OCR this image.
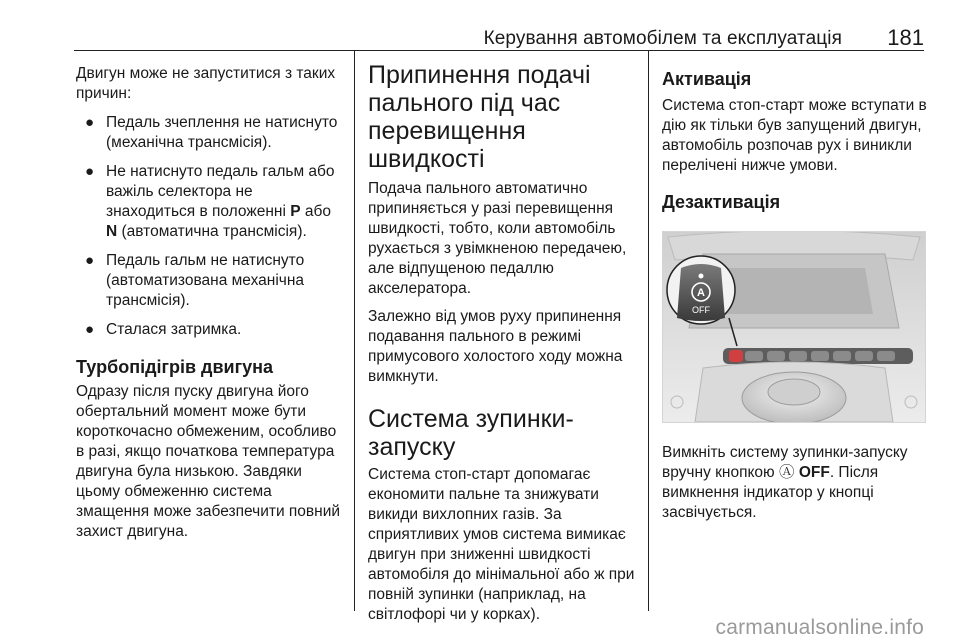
Керування автомобілем та експлуатація 181

Двигун може не запуститися з таких причин:

● Педаль зчеплення не натиснуто (механічна трансмісія).
● Не натиснуто педаль гальм або важіль селектора не знаходиться в положенні P або
N (автоматична трансмісія).
● Педаль гальм не натиснуто (автоматизована механічна трансмісія).
● Сталася затримка.
Турбопідігрів двигуна

Одразу після пуску двигуна його обертальний момент може бути короткочасно обмеженим, особливо в разі, якщо початкова температура двигуна була низькою. Завдяки цьому обмеженню система змащення може забезпечити повний захист двигуна.

Припинення подачі пального під час перевищення швидкості

Подача пального автоматично припиняється у разі перевищення швидкості, тобто, коли автомобіль рухається з увімкненою передачею, але відпущеною педаллю акселератора.

Залежно від умов руху припинення подавання пального в режимі примусового холостого ходу можна вимкнути.

Система зупинки-запуску

Система стоп-старт допомагає економити пальне та знижувати викиди вихлопних газів. За сприятливих умов система вимикає двигун при зниженні швидкості автомобіля до мінімальної або ж при повній зупинки (наприклад, на світлофорі чи у корках).

Активація

Система стоп-старт може вступати в дію як тільки був запущений двигун, автомобіль розпочав рух і виникли перелічені нижче умови.

Дезактивація
A
OFF

Вимкніть систему зупинки-запуску вручну кнопкою Ⓐ OFF. Після вимкнення індикатор у кнопці засвічується.

carmanualsonline.info
